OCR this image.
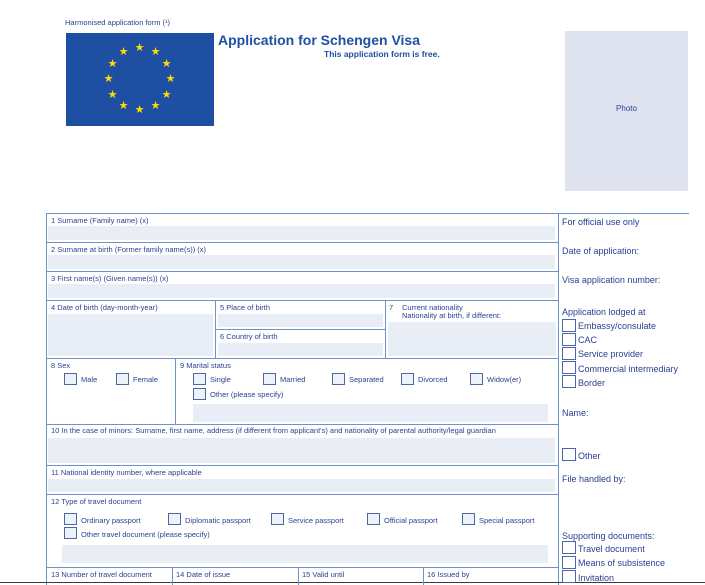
Harmonised application form (¹)
★ ★
★
★
★
★
★
★
★
★
★
★
Application for Schengen Visa
This application form is free.
Photo
1 Surname (Family name) (x)
2 Surname at birth (Former family name(s)) (x)
3 First name(s) (Given name(s)) (x)
4 Date of birth (day-month-year)	5 Place of birth
6 Country of birth
7 Current nationality
Nationality at birth, if different:
8 Sex
Male	Female
9 Marital status
Single	Married	Separated	Divorced	Widow(er)
Other (please specify)
10 In the case of minors: Surname, first name, address (if different from applicant's) and nationality of parental authority/legal guardian
11 National identity number, where applicable
12 Type of travel document
Ordinary passport	Diplomatic passport	Service passport	Official passport	Special passport
Other travel document (please specify)
13 Number of travel document	14 Date of issue	15 Valid until	16 Issued by
For official use only
Date of application:
Visa application number:
Application lodged at
Embassy/consulate
CAC
Service provider
Commercial intermediary
Border
Name:
Other
File handled by:
Supporting documents:
Travel document
Means of subsistence
Invitation
